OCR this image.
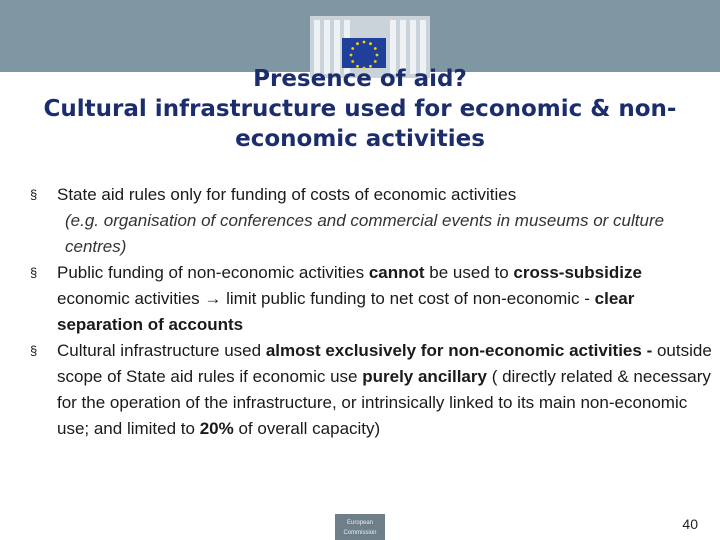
Presence of aid?
Cultural infrastructure used for economic & non-
economic activities
§ State aid rules only for funding of costs of economic activities
(e.g. organisation of conferences and commercial events in museums or culture centres)
§ Public funding of non-economic activities cannot be used to cross-subsidize economic activities → limit public funding to net cost of non-economic - clear separation of accounts
§ Cultural infrastructure used almost exclusively for non-economic activities - outside scope of State aid rules if economic use purely ancillary ( directly related & necessary for the operation of the infrastructure, or intrinsically linked to its main non-economic use; and limited to 20% of overall capacity)
European Commission
40
